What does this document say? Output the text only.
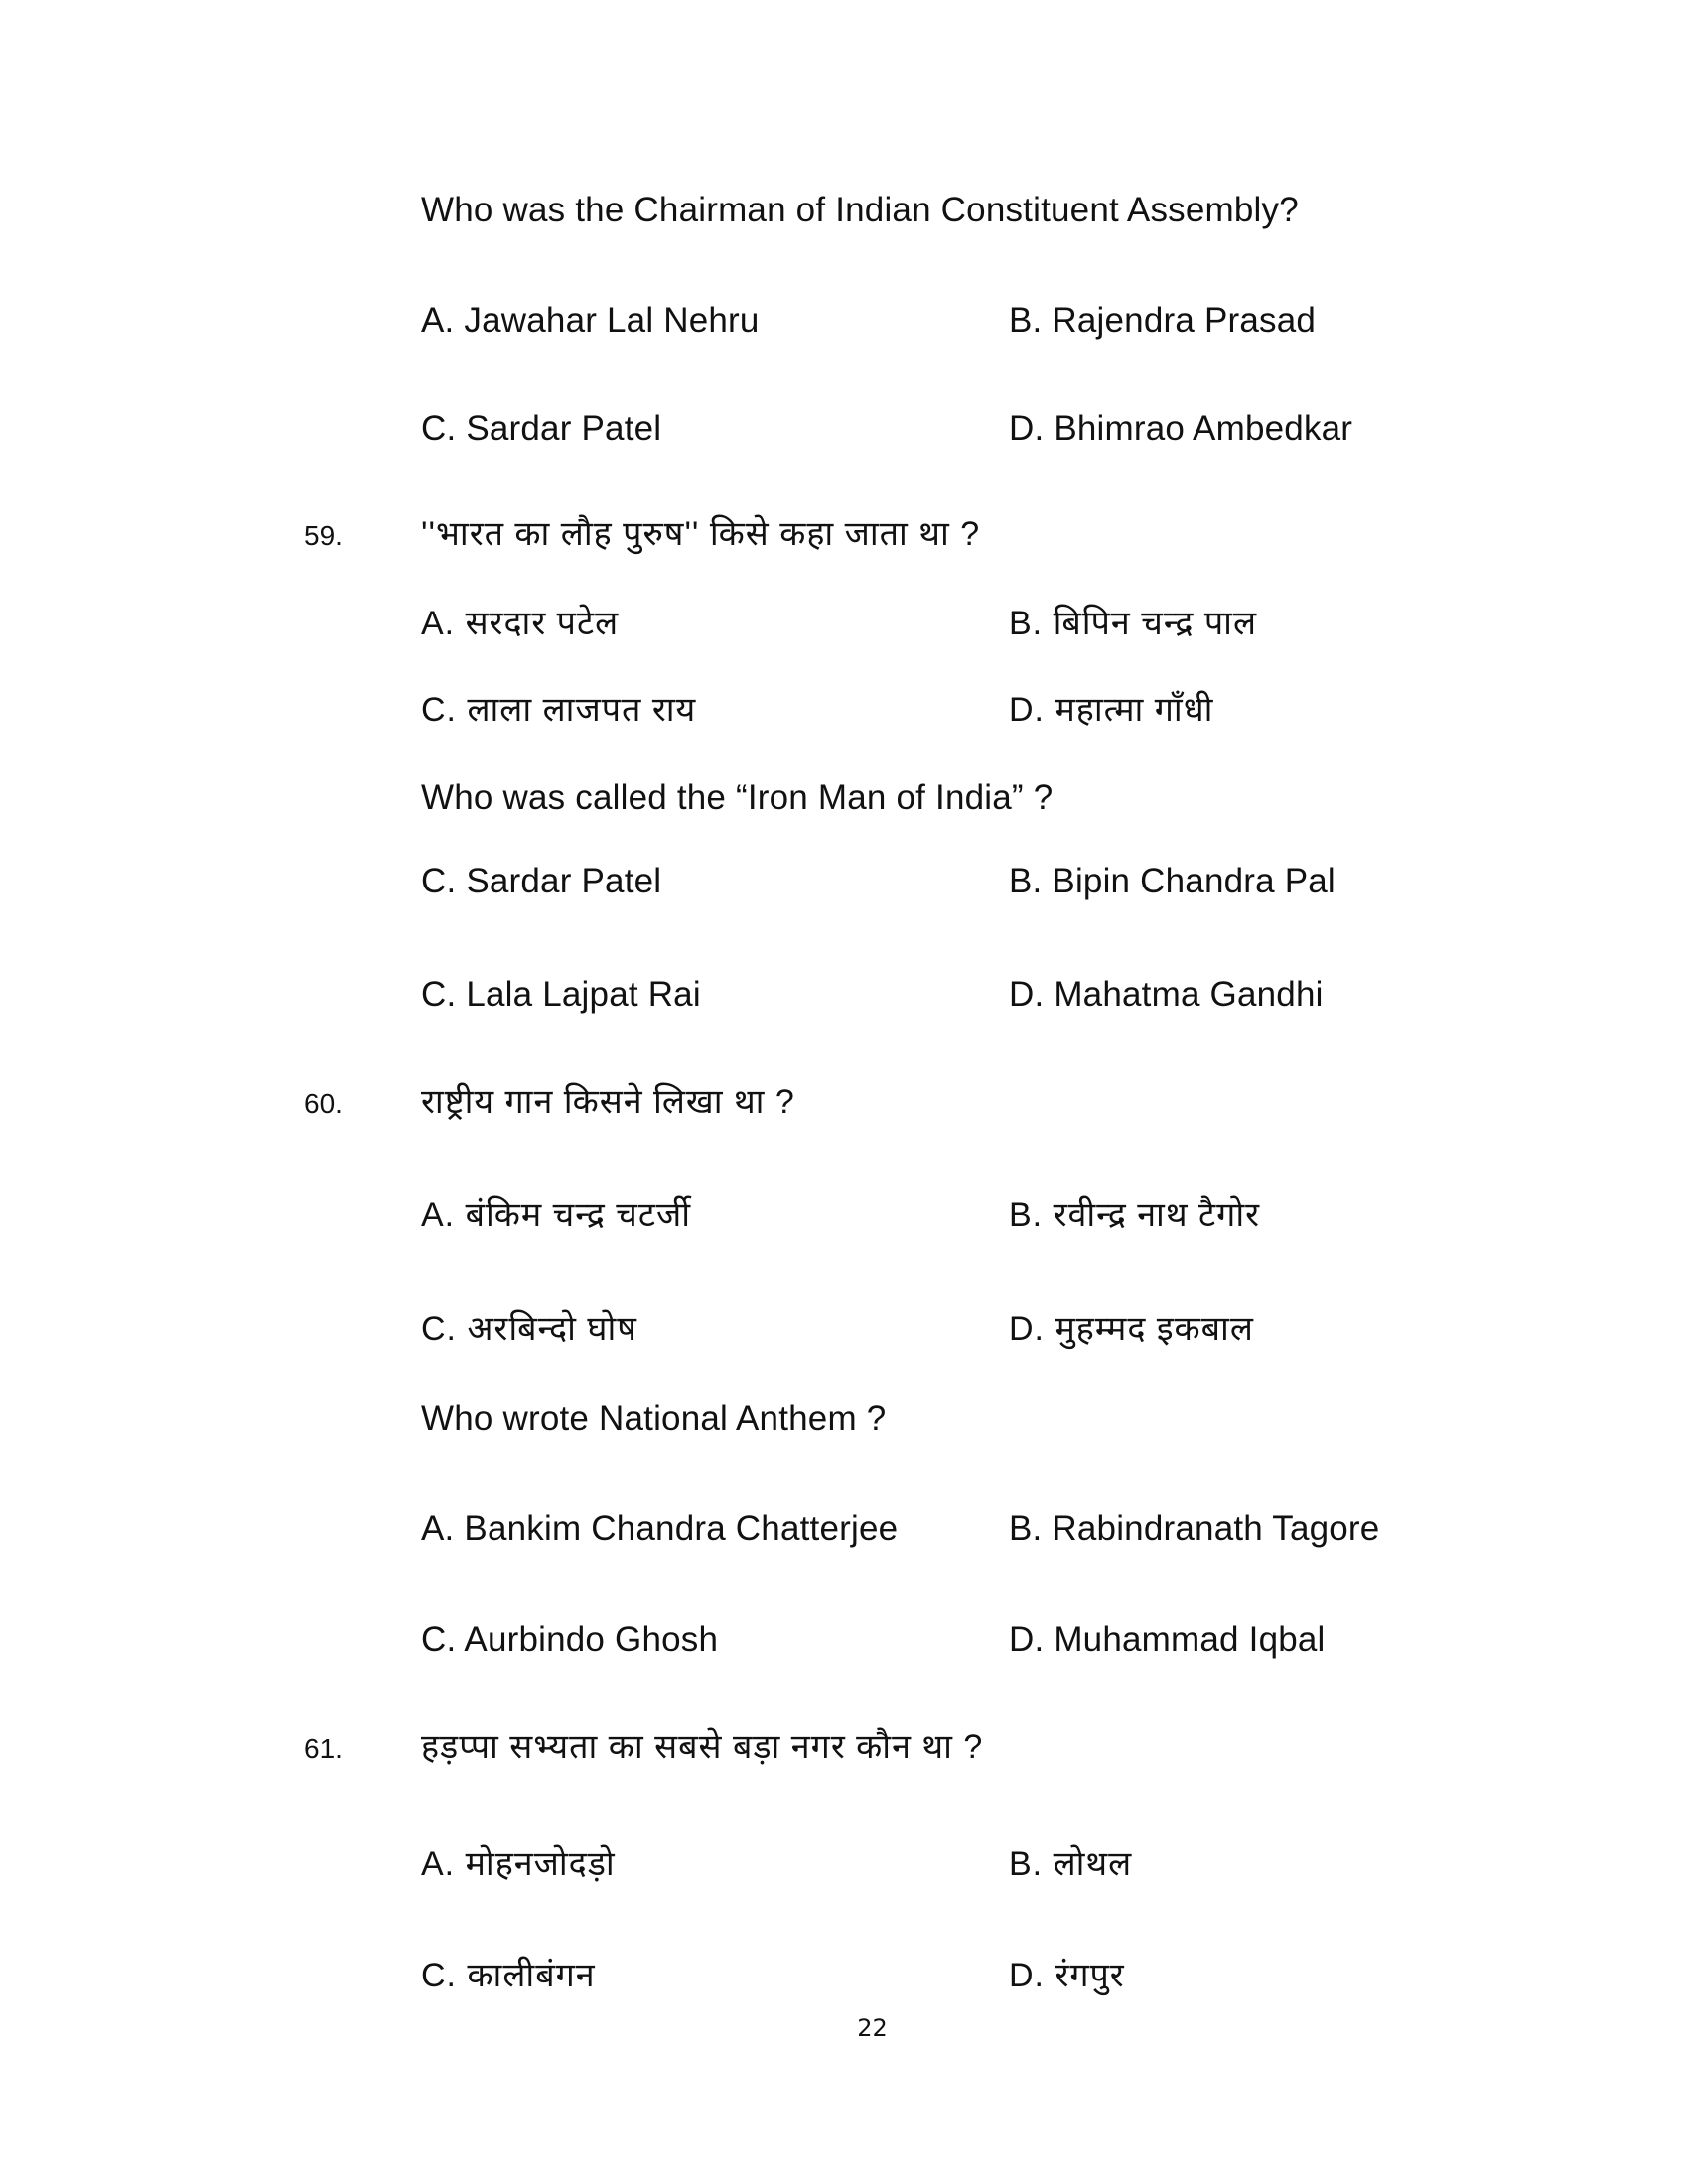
Who was the Chairman of Indian Constituent Assembly?
A. Jawahar Lal Nehru	B. Rajendra Prasad
C. Sardar Patel	D. Bhimrao Ambedkar
59. ''भारत का लौह पुरुष'' किसे कहा जाता था ?
A. सरदार पटेल	B. बिपिन चन्द्र पाल
C. लाला लाजपत राय	D. महात्मा गाँधी
Who was called the “Iron Man of India” ?
C. Sardar Patel	B. Bipin Chandra Pal
C. Lala Lajpat Rai	D. Mahatma Gandhi
60. राष्ट्रीय गान किसने लिखा था ?
A. बंकिम चन्द्र चटर्जी	B. रवीन्द्र नाथ टैगोर
C. अरबिन्दो घोष	D. मुहम्मद इकबाल
Who wrote National Anthem ?
A. Bankim Chandra Chatterjee	B. Rabindranath Tagore
C. Aurbindo Ghosh	D. Muhammad Iqbal
61. हड़प्पा सभ्यता का सबसे बड़ा नगर कौन था ?
A. मोहनजोदड़ो	B. लोथल
C. कालीबंगन	D. रंगपुर
22
